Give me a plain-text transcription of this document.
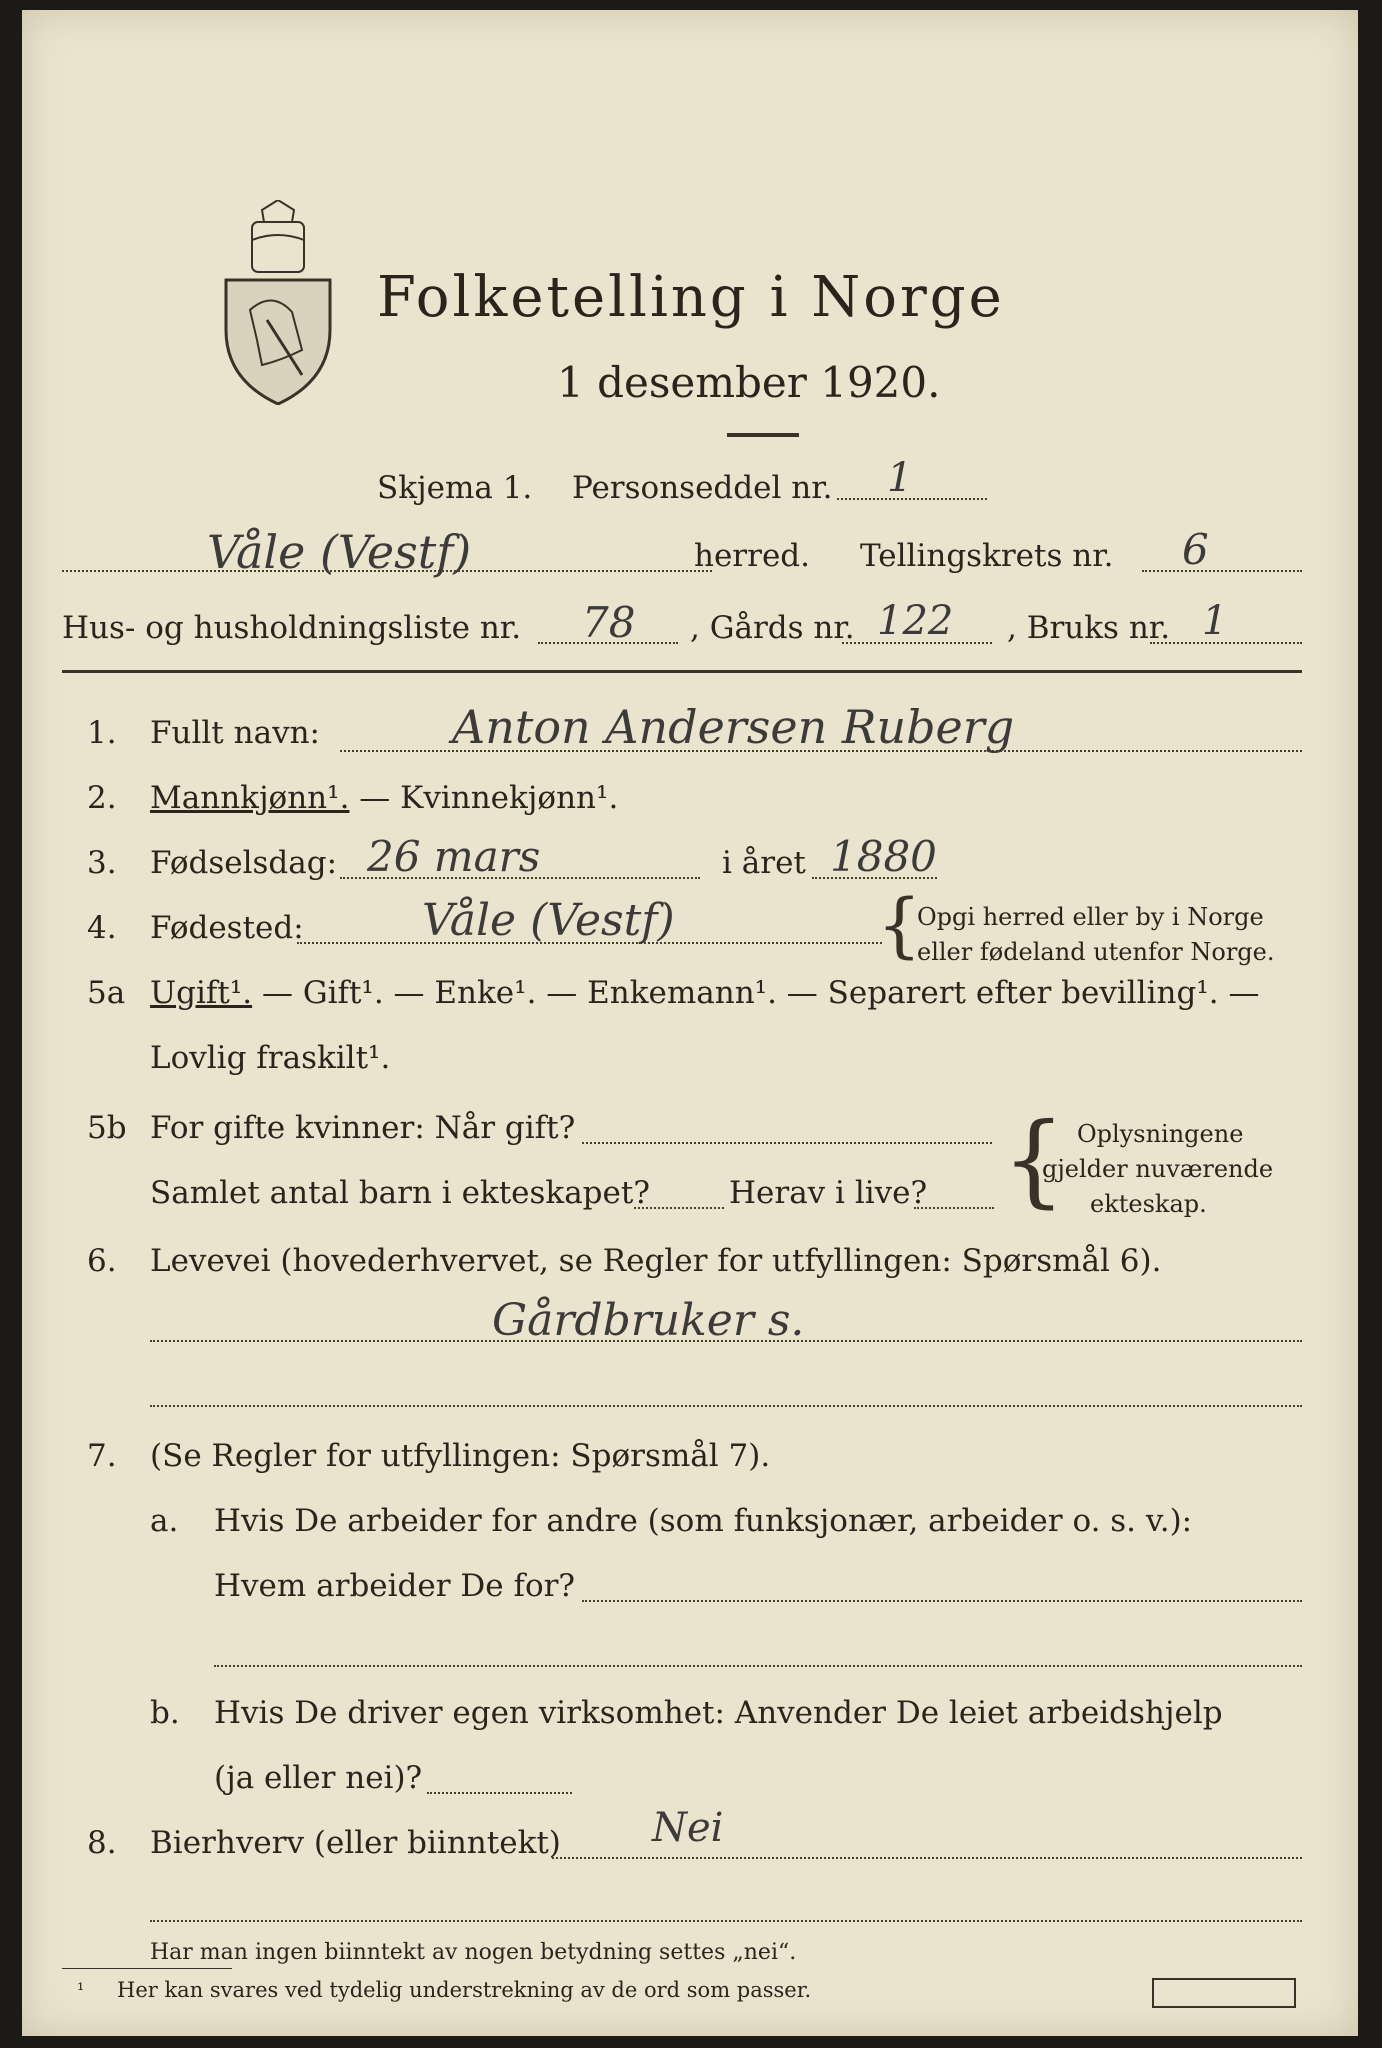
Folketelling i Norge
1 desember 1920.
Skjema 1. Personseddel nr. 1
Våle (Vestf)	herred. Tellingskrets nr. 6
Hus- og husholdningsliste nr. 78 , Gårds nr. 122 , Bruks nr. 1
1. Fullt navn:	Anton Andersen Ruberg
2. Mannkjønn¹. — Kvinnekjønn¹.
3. Fødselsdag: 26 mars	i året 1880
4. Fødested:	Våle (Vestf)	{
Opgi herred eller by i Norge
eller fødeland utenfor Norge.
5a Ugift¹. — Gift¹. — Enke¹. — Enkemann¹. — Separert efter bevilling¹. —
Lovlig fraskilt¹.
5b For gifte kvinner: Når gift?
Samlet antal barn i ekteskapet?	Herav i live? { Oplysningene
gjelder nuværende
ekteskap.
6. Levevei (hovederhvervet, se Regler for utfyllingen: Spørsmål 6).
Gårdbruker s.
7. (Se Regler for utfyllingen: Spørsmål 7).
a. Hvis De arbeider for andre (som funksjonær, arbeider o. s. v.):
Hvem arbeider De for?
b. Hvis De driver egen virksomhet: Anvender De leiet arbeidshjelp
(ja eller nei)?
8. Bierhverv (eller biinntekt) Nei
Har man ingen biinntekt av nogen betydning settes „nei“.
¹ Her kan svares ved tydelig understrekning av de ord som passer.
